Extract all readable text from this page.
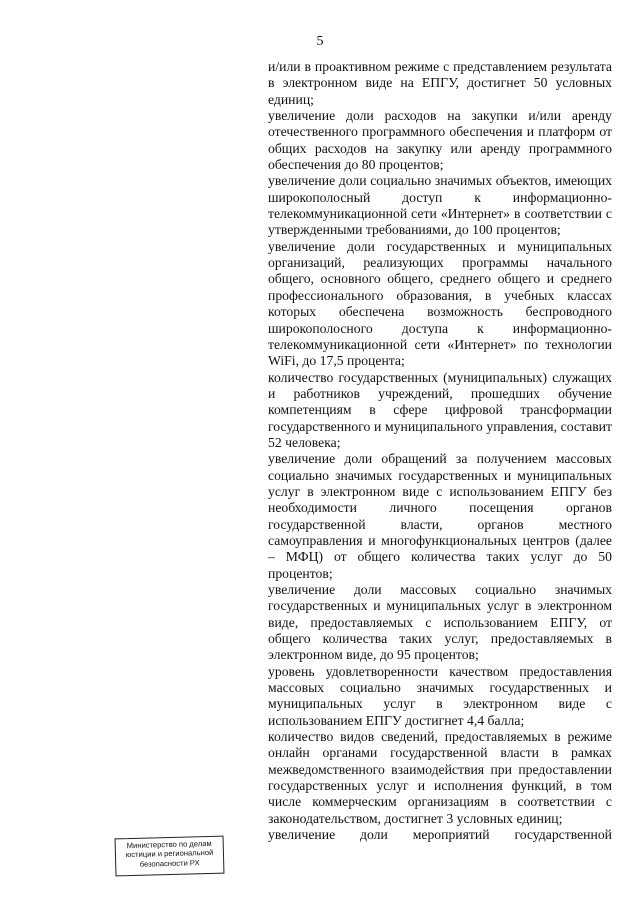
5

и/или в проактивном режиме с представлением результата в электронном виде на ЕПГУ, достигнет 50 условных единиц;

увеличение доли расходов на закупки и/или аренду отечественного программного обеспечения и платформ от общих расходов на закупку или аренду программного обеспечения до 80 процентов;

увеличение доли социально значимых объектов, имеющих широкополосный доступ к информационно-телекоммуникационной сети «Интернет» в соответствии с утвержденными требованиями, до 100 процентов;

увеличение доли государственных и муниципальных организаций, реализующих программы начального общего, основного общего, среднего общего и среднего профессионального образования, в учебных классах которых обеспечена возможность беспроводного широкополосного доступа к информационно-телекоммуникационной сети «Интернет» по технологии WiFi, до 17,5 процента;

количество государственных (муниципальных) служащих и работников учреждений, прошедших обучение компетенциям в сфере цифровой трансформации государственного и муниципального управления, составит 52 человека;

увеличение доли обращений за получением массовых социально значимых государственных и муниципальных услуг в электронном виде с использованием ЕПГУ без необходимости личного посещения органов государственной власти, органов местного самоуправления и многофункциональных центров (далее – МФЦ) от общего количества таких услуг до 50 процентов;

увеличение доли массовых социально значимых государственных и муниципальных услуг в электронном виде, предоставляемых с использованием ЕПГУ, от общего количества таких услуг, предоставляемых в электронном виде, до 95 процентов;

уровень удовлетворенности качеством предоставления массовых социально значимых государственных и муниципальных услуг в электронном виде с использованием ЕПГУ достигнет 4,4 балла;

количество видов сведений, предоставляемых в режиме онлайн органами государственной власти в рамках межведомственного взаимодействия при предоставлении государственных услуг и исполнения функций, в том числе коммерческим организациям в соответствии с законодательством, достигнет 3 условных единиц;

увеличение доли мероприятий государственной

Министерство по делам
юстиции и региональной
безопасности РХ
